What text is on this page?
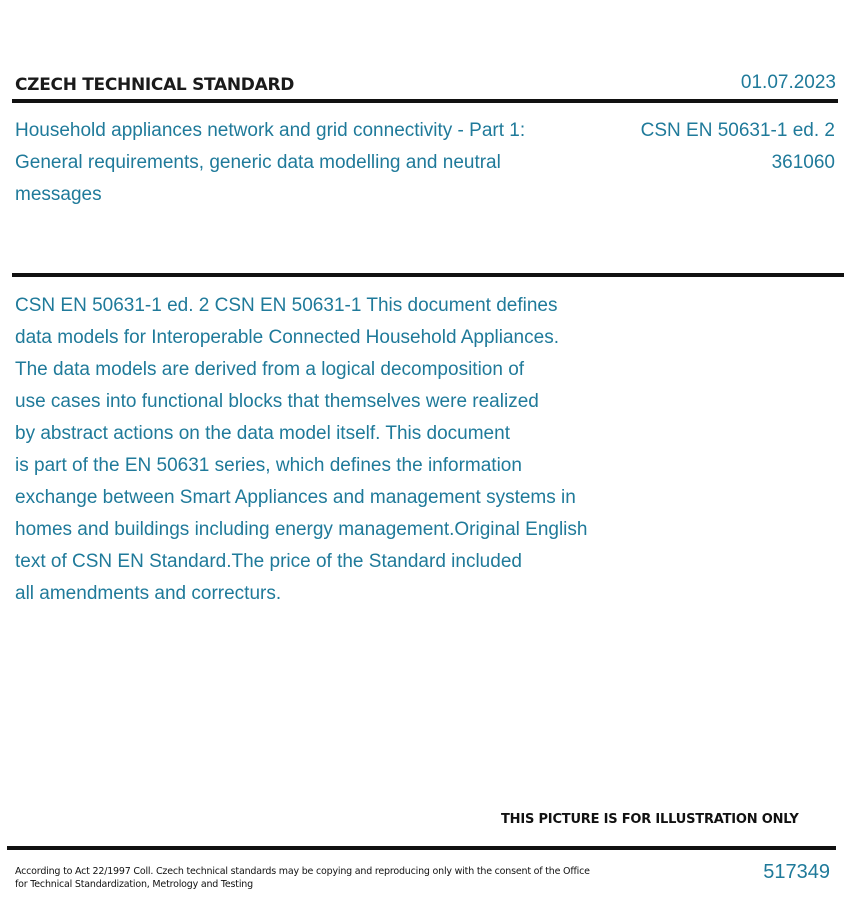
CZECH TECHNICAL STANDARD	01.07.2023
Household appliances network and grid connectivity - Part 1: General requirements, generic data modelling and neutral messages
CSN EN 50631-1 ed. 2
361060
CSN EN 50631-1 ed. 2 CSN EN 50631-1 This document defines
data models for Interoperable Connected Household Appliances.
The data models are derived from a logical decomposition of
use cases into functional blocks that themselves were realized
by abstract actions on the data model itself. This document
is part of the EN 50631 series, which defines the information
exchange between Smart Appliances and management systems in
homes and buildings including energy management.Original English
text of CSN EN Standard.The price of the Standard included
all amendments and correcturs.
THIS PICTURE IS FOR ILLUSTRATION ONLY
According to Act 22/1997 Coll. Czech technical standards may be copying and reproducing only with the consent of the Office
for Technical Standardization, Metrology and Testing
517349
